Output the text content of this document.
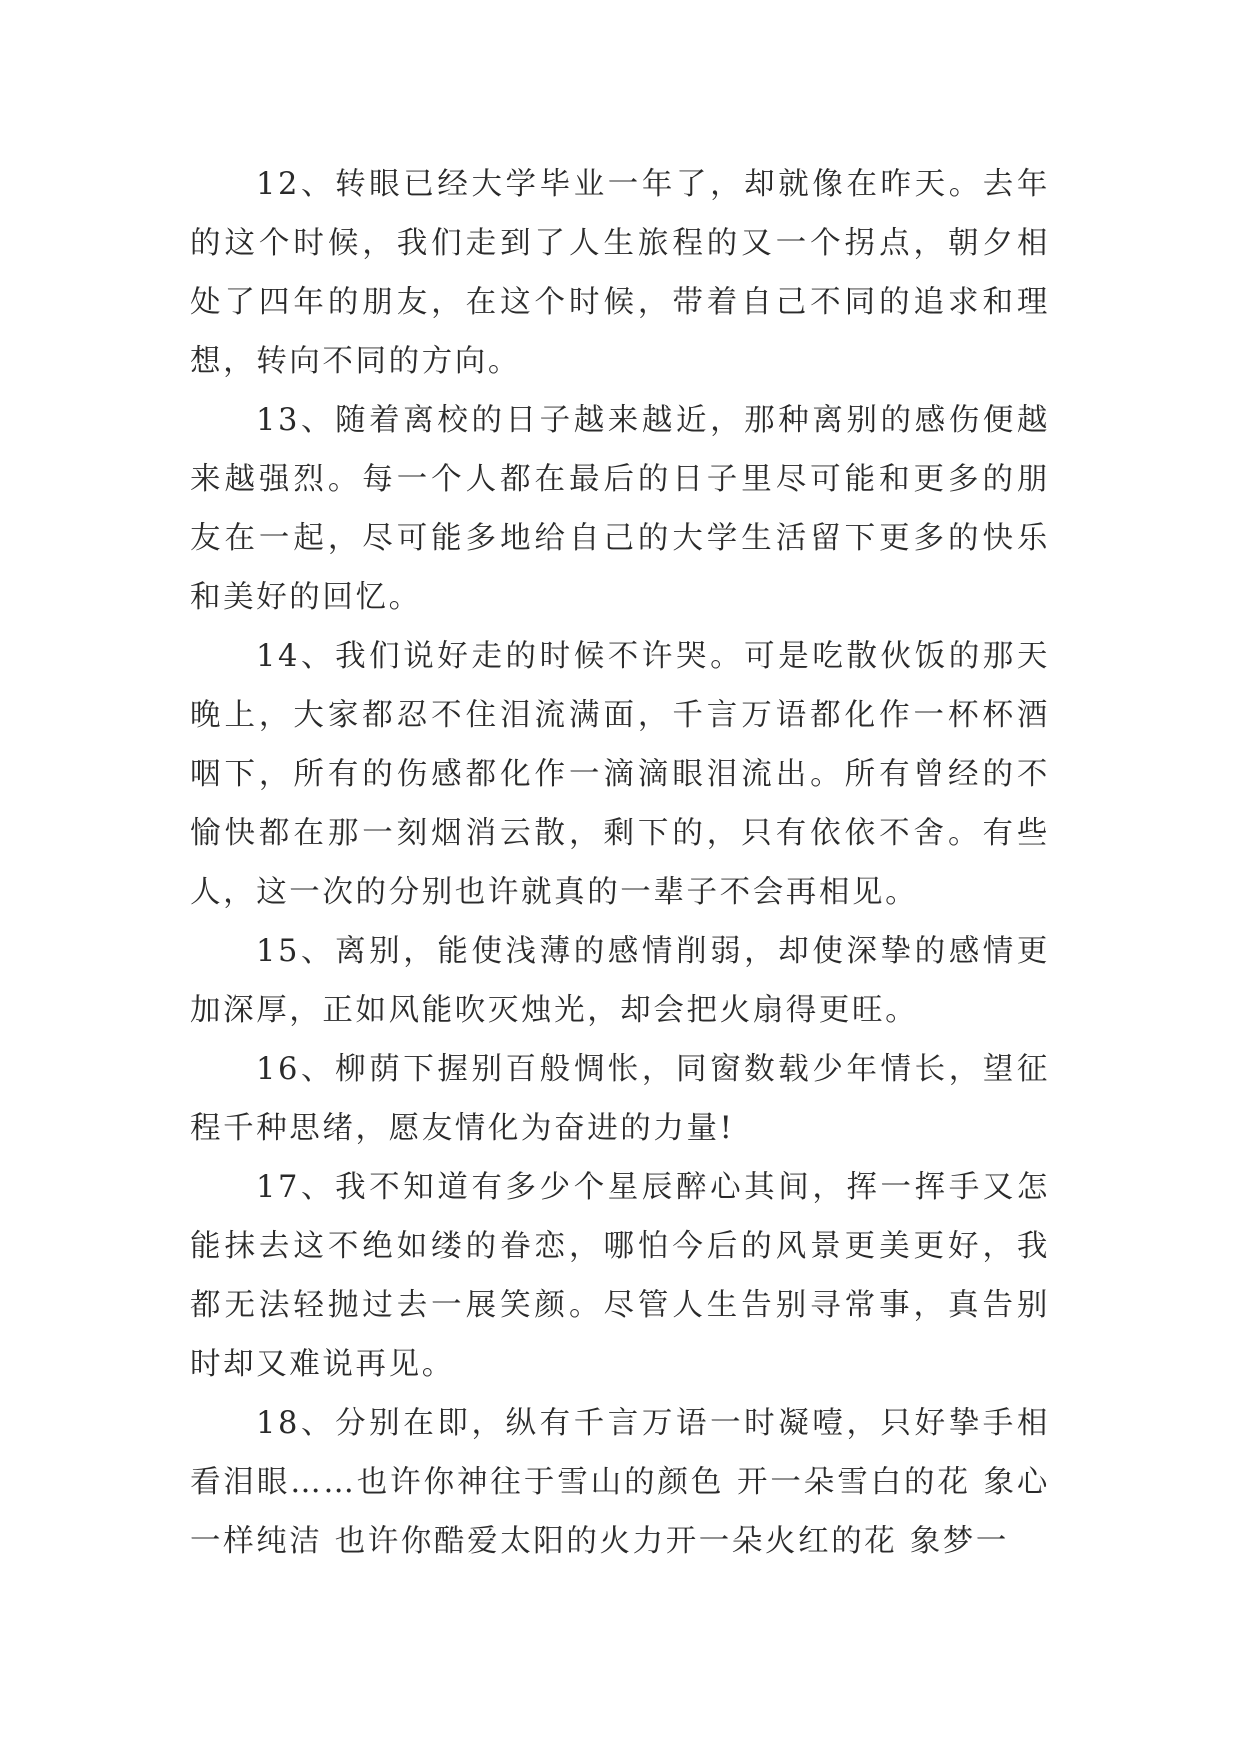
12、转眼已经大学毕业一年了，却就像在昨天。去年的这个时候，我们走到了人生旅程的又一个拐点，朝夕相处了四年的朋友，在这个时候，带着自己不同的追求和理想，转向不同的方向。

13、随着离校的日子越来越近，那种离别的感伤便越来越强烈。每一个人都在最后的日子里尽可能和更多的朋友在一起，尽可能多地给自己的大学生活留下更多的快乐和美好的回忆。

14、我们说好走的时候不许哭。可是吃散伙饭的那天晚上，大家都忍不住泪流满面，千言万语都化作一杯杯酒咽下，所有的伤感都化作一滴滴眼泪流出。所有曾经的不愉快都在那一刻烟消云散，剩下的，只有依依不舍。有些人，这一次的分别也许就真的一辈子不会再相见。

15、离别，能使浅薄的感情削弱，却使深挚的感情更加深厚，正如风能吹灭烛光，却会把火扇得更旺。

16、柳荫下握别百般惆怅，同窗数载少年情长，望征程千种思绪，愿友情化为奋进的力量!

17、我不知道有多少个星辰醉心其间，挥一挥手又怎能抹去这不绝如缕的眷恋，哪怕今后的风景更美更好，我都无法轻抛过去一展笑颜。尽管人生告别寻常事，真告别时却又难说再见。

18、分别在即，纵有千言万语一时凝噎，只好挚手相看泪眼……也许你神往于雪山的颜色 开一朵雪白的花 象心一样纯洁 也许你酷爱太阳的火力开一朵火红的花 象梦一
